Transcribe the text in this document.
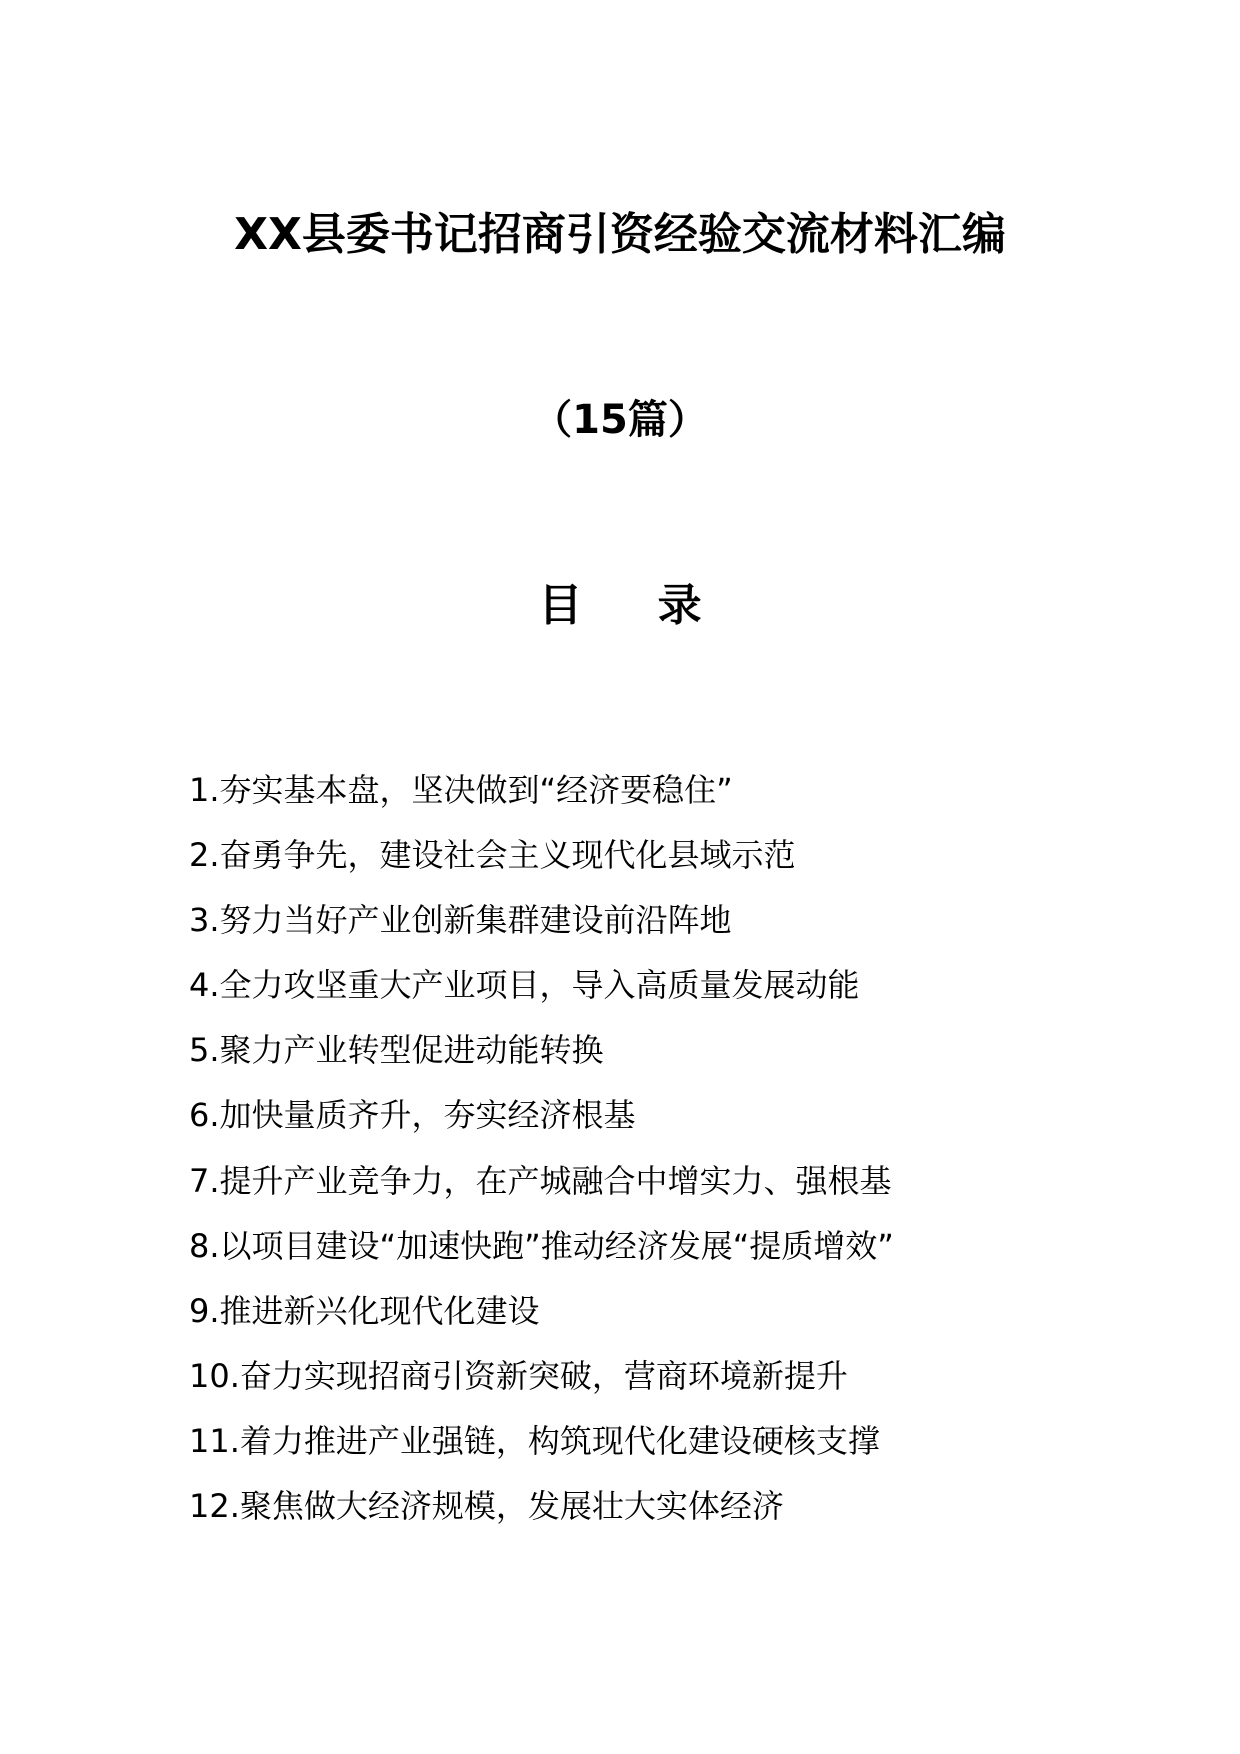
XX县委书记招商引资经验交流材料汇编
（15篇）
目 录
1.夯实基本盘，坚决做到“经济要稳住”
2.奋勇争先，建设社会主义现代化县域示范
3.努力当好产业创新集群建设前沿阵地
4.全力攻坚重大产业项目，导入高质量发展动能
5.聚力产业转型促进动能转换
6.加快量质齐升，夯实经济根基
7.提升产业竞争力，在产城融合中增实力、强根基
8.以项目建设“加速快跑”推动经济发展“提质增效”
9.推进新兴化现代化建设
10.奋力实现招商引资新突破，营商环境新提升
11.着力推进产业强链，构筑现代化建设硬核支撑
12.聚焦做大经济规模，发展壮大实体经济
